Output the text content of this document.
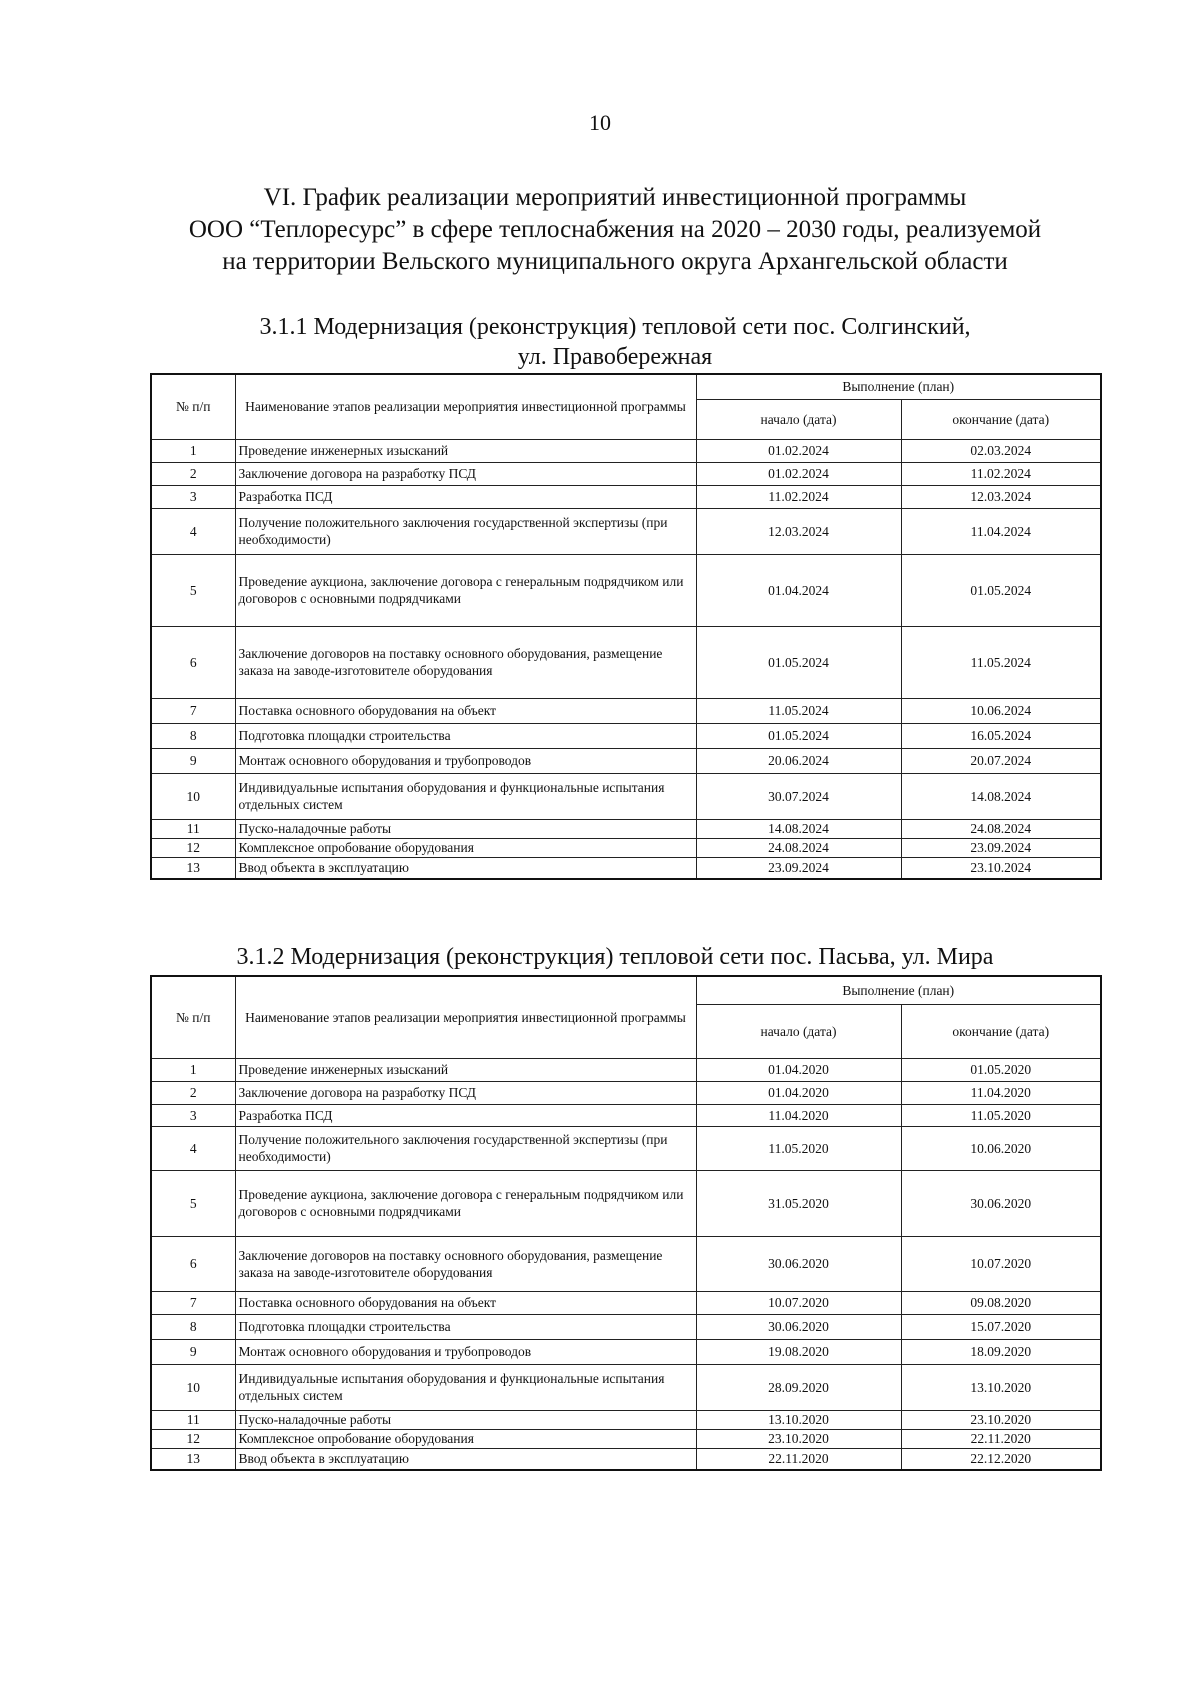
10
VI. График реализации мероприятий инвестиционной программы
ООО “Теплоресурс” в сфере теплоснабжения на 2020 – 2030 годы, реализуемой
на территории Вельского муниципального округа Архангельской области
3.1.1 Модернизация (реконструкция) тепловой сети пос. Солгинский,
ул. Правобережная
№ п/п	Наименование этапов реализации мероприятия инвестиционной программы	Выполнение (план)	
		начало (дата)	окончание (дата)
1	Проведение инженерных изысканий	01.02.2024	02.03.2024
2	Заключение договора на разработку ПСД	01.02.2024	11.02.2024
3	Разработка ПСД	11.02.2024	12.03.2024
4	Получение положительного заключения государственной экспертизы (при необходимости)	12.03.2024	11.04.2024
5	Проведение аукциона, заключение договора с генеральным подрядчиком или договоров с основными подрядчиками	01.04.2024	01.05.2024
6	Заключение договоров на поставку основного оборудования, размещение заказа на заводе-изготовителе оборудования	01.05.2024	11.05.2024
7	Поставка основного оборудования на объект	11.05.2024	10.06.2024
8	Подготовка площадки строительства	01.05.2024	16.05.2024
9	Монтаж основного оборудования и трубопроводов	20.06.2024	20.07.2024
10	Индивидуальные испытания оборудования и функциональные испытания отдельных систем	30.07.2024	14.08.2024
11	Пуско-наладочные работы	14.08.2024	24.08.2024
12	Комплексное опробование оборудования	24.08.2024	23.09.2024
13	Ввод объекта в эксплуатацию	23.09.2024	23.10.2024
3.1.2 Модернизация (реконструкция) тепловой сети пос. Пасьва, ул. Мира
№ п/п	Наименование этапов реализации мероприятия инвестиционной программы	Выполнение (план)	
		начало (дата)	окончание (дата)
1	Проведение инженерных изысканий	01.04.2020	01.05.2020
2	Заключение договора на разработку ПСД	01.04.2020	11.04.2020
3	Разработка ПСД	11.04.2020	11.05.2020
4	Получение положительного заключения государственной экспертизы (при необходимости)	11.05.2020	10.06.2020
5	Проведение аукциона, заключение договора с генеральным подрядчиком или договоров с основными подрядчиками	31.05.2020	30.06.2020
6	Заключение договоров на поставку основного оборудования, размещение заказа на заводе-изготовителе оборудования	30.06.2020	10.07.2020
7	Поставка основного оборудования на объект	10.07.2020	09.08.2020
8	Подготовка площадки строительства	30.06.2020	15.07.2020
9	Монтаж основного оборудования и трубопроводов	19.08.2020	18.09.2020
10	Индивидуальные испытания оборудования и функциональные испытания отдельных систем	28.09.2020	13.10.2020
11	Пуско-наладочные работы	13.10.2020	23.10.2020
12	Комплексное опробование оборудования	23.10.2020	22.11.2020
13	Ввод объекта в эксплуатацию	22.11.2020	22.12.2020
